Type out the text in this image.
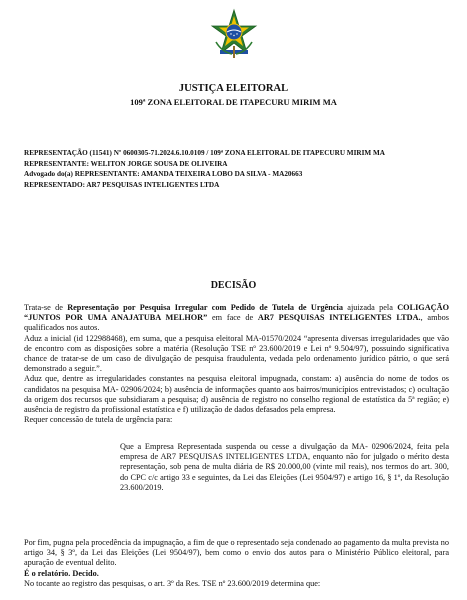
JUSTIÇA ELEITORAL
109ª ZONA ELEITORAL DE ITAPECURU MIRIM MA
REPRESENTAÇÃO (11541) Nº 0600305-71.2024.6.10.0109 / 109ª ZONA ELEITORAL DE ITAPECURU MIRIM MA
REPRESENTANTE: WELITON JORGE SOUSA DE OLIVEIRA
Advogado do(a) REPRESENTANTE: AMANDA TEIXEIRA LOBO DA SILVA - MA20663
REPRESENTADO: AR7 PESQUISAS INTELIGENTES LTDA
DECISÃO

Trata-se de Representação por Pesquisa Irregular com Pedido de Tutela de Urgência ajuizada pela COLIGAÇÃO “JUNTOS POR UMA ANAJATUBA MELHOR” em face de AR7 PESQUISAS INTELIGENTES LTDA., ambos qualificados nos autos.

Aduz a inicial (id 122988468), em suma, que a pesquisa eleitoral MA-01570/2024 “apresenta diversas irregularidades que vão de encontro com as disposições sobre a matéria (Resolução TSE nº 23.600/2019 e Lei nº 9.504/97), possuindo significativa chance de tratar-se de um caso de divulgação de pesquisa fraudulenta, vedada pelo ordenamento jurídico pátrio, o que será demonstrado a seguir.”.

Aduz que, dentre as irregularidades constantes na pesquisa eleitoral impugnada, constam: a) ausência do nome de todos os candidatos na pesquisa MA- 02906/2024; b) ausência de informações quanto aos bairros/municípios entrevistados; c) ocultação da origem dos recursos que subsidiaram a pesquisa; d) ausência de registro no conselho regional de estatística da 5ª região; e) ausência de registro da profissional estatística e f) utilização de dados defasados pela empresa.

Requer concessão de tutela de urgência para:

Que a Empresa Representada suspenda ou cesse a divulgação da MA- 02906/2024, feita pela empresa de AR7 PESQUISAS INTELIGENTES LTDA, enquanto não for julgado o mérito desta representação, sob pena de multa diária de R$ 20.000,00 (vinte mil reais), nos termos do art. 300, do CPC c/c artigo 33 e seguintes, da Lei das Eleições (Lei 9504/97) e artigo 16, § 1º, da Resolução 23.600/2019.

Por fim, pugna pela procedência da impugnação, a fim de que o representado seja condenado ao pagamento da multa prevista no artigo 34, § 3º, da Lei das Eleições (Lei 9504/97), bem como o envio dos autos para o Ministério Público eleitoral, para apuração de eventual delito.

É o relatório. Decido.

No tocante ao registro das pesquisas, o art. 3º da Res. TSE nº 23.600/2019 determina que:
